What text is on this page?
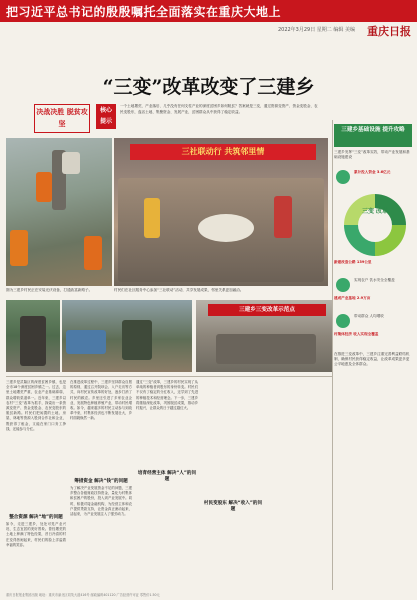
把习近平总书记的殷殷嘱托全面落实在重庆大地上
2022年3月29日 星期二 编辑 美编 重庆日报
“三变”改革改变了三建乡
决战决胜 脱贫攻坚
核心 提示
一个土地撂荒、产业落后、几乎没有任何支柱产业的深度贫困乡如何脱贫？答案就是三变，通过资源变资产、资金变股金、农民变股东，盘活土地、集聚资金、发展产业，贫困群众从中获得了稳定收益。
三社联动行 共筑邻里情
图为三建乡村民正在安装光伏设备，打通致富新路子。	村民们在社区服务中心参加“三社联动”活动，共享发展成果，邻里关系更加融洽。
三建乡三变改革示范点
三建乡是武隆区的深度贫困乡镇，也是全市18个深度贫困乡镇之一。过去，这里土地撂荒严重，农业产业基础薄弱，群众增收渠道单一。近年来，三建乡以农村“三变”改革为抓手，探索出一条资源变资产、资金变股金、农民变股东的脱贫新路。村民们把闲置的土地、房屋、林地等资源入股到合作社和企业，既获得了租金，又能在家门口务工挣钱，还能参与分红。
整合资源 解决“地”的问题
如今，走进三建乡，处处可见产业兴旺、生态宜居的美好景象。曾经撂荒的土地上种满了特色经果，昔日冷清的村庄变得热闹起来，村民们的脸上洋溢着幸福的笑容。
在推进改革过程中，三建乡坚持群众自愿的原则，通过召开院坝会、入户走访等方式，向村民宣传改革的好处，逐步打消了村民的顾虑。乡里还引进了多家农业企业，发展特色种植养殖产业，带动村民增收。如今，越来越多的村民主动参与到改革中来，村集体经济也不断发展壮大，乡村面貌焕然一新。
筹措资金 解决“钱”的问题
为了解决产业发展资金不足的问题，三建乡整合各级财政扶持资金，量化为村集体和贫困户的股份，投入到产业发展中。同时，积极对接金融机构，为经营主体和农户提供贷款支持，让资金真正流动起来、活起来，为产业发展注入了强劲动力。
通过“三变”改革，三建乡的村民实现了从单纯的种植者到股东的身份转变。村民们不仅有了稳定的分红收入，还学到了先进的种植技术和经营理念。下一步，三建乡将继续深化改革，巩固脱贫成果，推动乡村振兴，让群众的日子越过越红火。
培育经营主体 解决“人”的问题
村民变股东 解决“收入”的问题
三建乡基础设施 提升攻略
三建乡发挥“三变”改革实效，带动产业发展和基础设施建设
累计投入资金 3.6亿元
三变 改革
新建改造公路 139公里
实现农户 饮水安全全覆盖
建成产业基地 2.9万亩
带动群众 人均增收
村集体经济 收入实现全覆盖
在推进三变改革中，三建乡注重完善利益联结机制，确保村民获得稳定收益，让改革成果更多更公平地惠及全体群众。
重庆日报报业集团出版 地址：重庆市渝北区同茂大道416号 邮政编码401120 广告经营许可证 零售价1.50元
